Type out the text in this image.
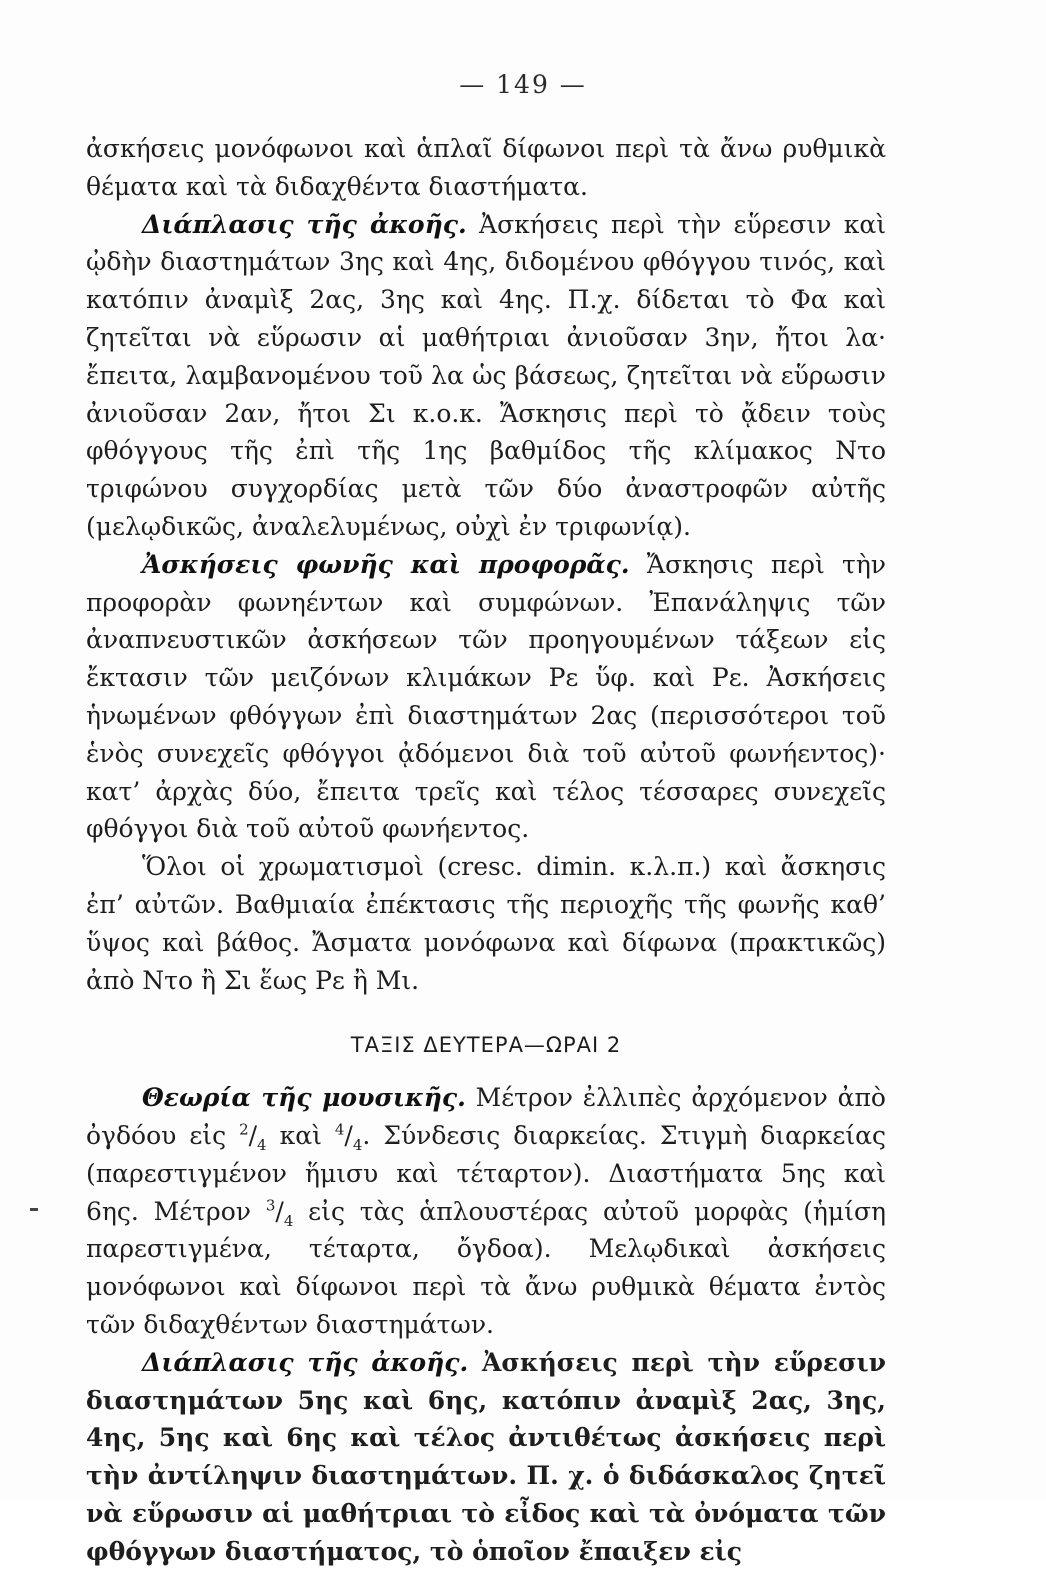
— 149 —

ἀσκήσεις μονόφωνοι καὶ ἁπλαῖ δίφωνοι περὶ τὰ ἄνω ρυθμικὰ θέματα καὶ τὰ διδαχθέντα διαστήματα.

Διάπλασις τῆς ἀκοῆς. Ἀσκήσεις περὶ τὴν εὕρεσιν καὶ ᾠδὴν διαστημάτων 3ης καὶ 4ης, διδομένου φθόγγου τινός, καὶ κατόπιν ἀναμὶξ 2ας, 3ης καὶ 4ης. Π.χ. δίδεται τὸ Φα καὶ ζητεῖται νὰ εὕρωσιν αἱ μαθήτριαι ἀνιοῦσαν 3ην, ἤτοι λα· ἔπειτα, λαμβανομένου τοῦ λα ὡς βάσεως, ζητεῖται νὰ εὕρωσιν ἀνιοῦσαν 2αν, ἤτοι Σι κ.ο.κ. Ἄσκησις περὶ τὸ ᾄδειν τοὺς φθόγγους τῆς ἐπὶ τῆς 1ης βαθμίδος τῆς κλίμακος Ντο τριφώνου συγχορδίας μετὰ τῶν δύο ἀναστροφῶν αὐτῆς (μελῳδικῶς, ἀναλελυμένως, οὐχὶ ἐν τριφωνίᾳ).

Ἀσκήσεις φωνῆς καὶ προφορᾶς. Ἄσκησις περὶ τὴν προφορὰν φωνηέντων καὶ συμφώνων. Ἐπανάληψις τῶν ἀναπνευστικῶν ἀσκήσεων τῶν προηγουμένων τάξεων εἰς ἔκτασιν τῶν μειζόνων κλιμάκων Ρε ὕφ. καὶ Ρε. Ἀσκήσεις ἡνωμένων φθόγγων ἐπὶ διαστημάτων 2ας (περισσότεροι τοῦ ἑνὸς συνεχεῖς φθόγγοι ᾀδόμενοι διὰ τοῦ αὐτοῦ φωνήεντος)· κατ’ ἀρχὰς δύο, ἔπειτα τρεῖς καὶ τέλος τέσσαρες συνεχεῖς φθόγγοι διὰ τοῦ αὐτοῦ φωνήεντος.

Ὅλοι οἱ χρωματισμοὶ (cresc. dimin. κ.λ.π.) καὶ ἄσκησις ἐπ’ αὐτῶν. Βαθμιαία ἐπέκτασις τῆς περιοχῆς τῆς φωνῆς καθ’ ὕψος καὶ βάθος. Ἄσματα μονόφωνα καὶ δίφωνα (πρακτικῶς) ἀπὸ Ντο ἢ Σι ἕως Ρε ἢ Μι.

ΤΑΞΙΣ ΔΕΥΤΕΡΑ—ΩΡΑΙ 2

Θεωρία τῆς μουσικῆς. Μέτρον ἐλλιπὲς ἀρχόμενον ἀπὸ ὀγδόου εἰς $^2/_4$ καὶ $^4/_4$. Σύνδεσις διαρκείας. Στιγμὴ διαρκείας (παρεστιγμένον ἥμισυ καὶ τέταρτον). Διαστήματα 5ης καὶ 6ης. Μέτρον $^3/_4$ εἰς τὰς ἁπλουστέρας αὐτοῦ μορφὰς (ἡμίση παρεστιγμένα, τέταρτα, ὄγδοα). Μελῳδικαὶ ἀσκήσεις μονόφωνοι καὶ δίφωνοι περὶ τὰ ἄνω ρυθμικὰ θέματα ἐντὸς τῶν διδαχθέντων διαστημάτων.

Διάπλασις τῆς ἀκοῆς. Ἀσκήσεις περὶ τὴν εὕρεσιν διαστημάτων 5ης καὶ 6ης, κατόπιν ἀναμὶξ 2ας, 3ης, 4ης, 5ης καὶ 6ης καὶ τέλος ἀντιθέτως ἀσκήσεις περὶ τὴν ἀντίληψιν διαστημάτων. Π. χ. ὁ διδάσκαλος ζητεῖ νὰ εὕρωσιν αἱ μαθήτριαι τὸ εἶδος καὶ τὰ ὀνόματα τῶν φθόγγων διαστήματος, τὸ ὁποῖον ἔπαιξεν εἰς
